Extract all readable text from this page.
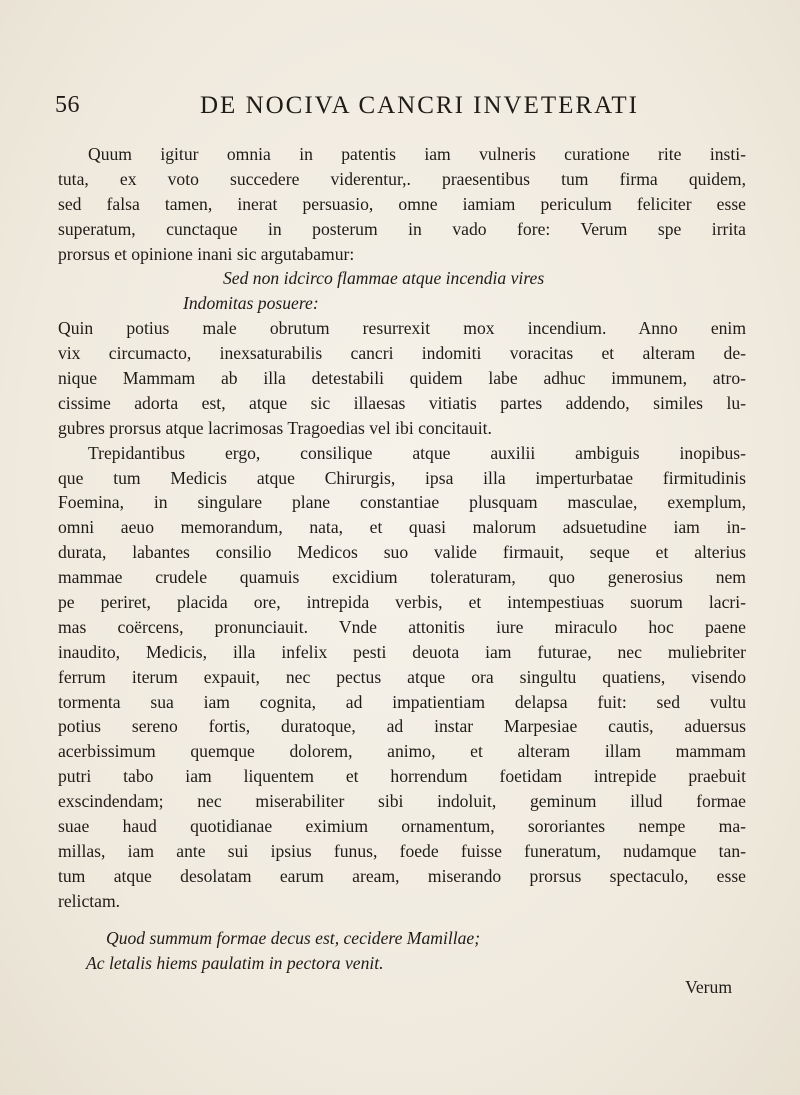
56	DE NOCIVA CANCRI INVETERATI
Quum igitur omnia in patentis iam vulneris curatione rite insti-
tuta, ex voto succedere viderentur,. praesentibus tum firma quidem,
sed falsa tamen, inerat persuasio, omne iamiam periculum feliciter esse
superatum, cunctaque in posterum in vado fore: Verum spe irrita
prorsus et opinione inani sic argutabamur:
Sed non idcirco flammae atque incendia vires
Indomitas posuere:
Quin potius male obrutum resurrexit mox incendium. Anno enim
vix circumacto, inexsaturabilis cancri indomiti voracitas et alteram de-
nique Mammam ab illa detestabili quidem labe adhuc immunem, atro-
cissime adorta est, atque sic illaesas vitiatis partes addendo, similes lu-
gubres prorsus atque lacrimosas Tragoedias vel ibi concitauit.
Trepidantibus ergo, consilique atque auxilii ambiguis inopibus-
que tum Medicis atque Chirurgis, ipsa illa imperturbatae firmitudinis
Foemina, in singulare plane constantiae plusquam masculae, exemplum,
omni aeuo memorandum, nata, et quasi malorum adsuetudine iam in-
durata, labantes consilio Medicos suo valide firmauit, seque et alterius
mammae crudele quamuis excidium toleraturam, quo generosius nem
pe periret, placida ore, intrepida verbis, et intempestiuas suorum lacri-
mas coërcens, pronunciauit. Vnde attonitis iure miraculo hoc paene
inaudito, Medicis, illa infelix pesti deuota iam futurae, nec muliebriter
ferrum iterum expauit, nec pectus atque ora singultu quatiens, visendo
tormenta sua iam cognita, ad impatientiam delapsa fuit: sed vultu
potius sereno fortis, duratoque, ad instar Marpesiae cautis, aduersus
acerbissimum quemque dolorem, animo, et alteram illam mammam
putri tabo iam liquentem et horrendum foetidam intrepide praebuit
exscindendam; nec miserabiliter sibi indoluit, geminum illud formae
suae haud quotidianae eximium ornamentum, sororiantes nempe ma-
millas, iam ante sui ipsius funus, foede fuisse funeratum, nudamque tan-
tum atque desolatam earum aream, miserando prorsus spectaculo, esse
relictam.
Quod summum formae decus est, cecidere Mamillae;
Ac letalis hiems paulatim in pectora venit.
Verum
